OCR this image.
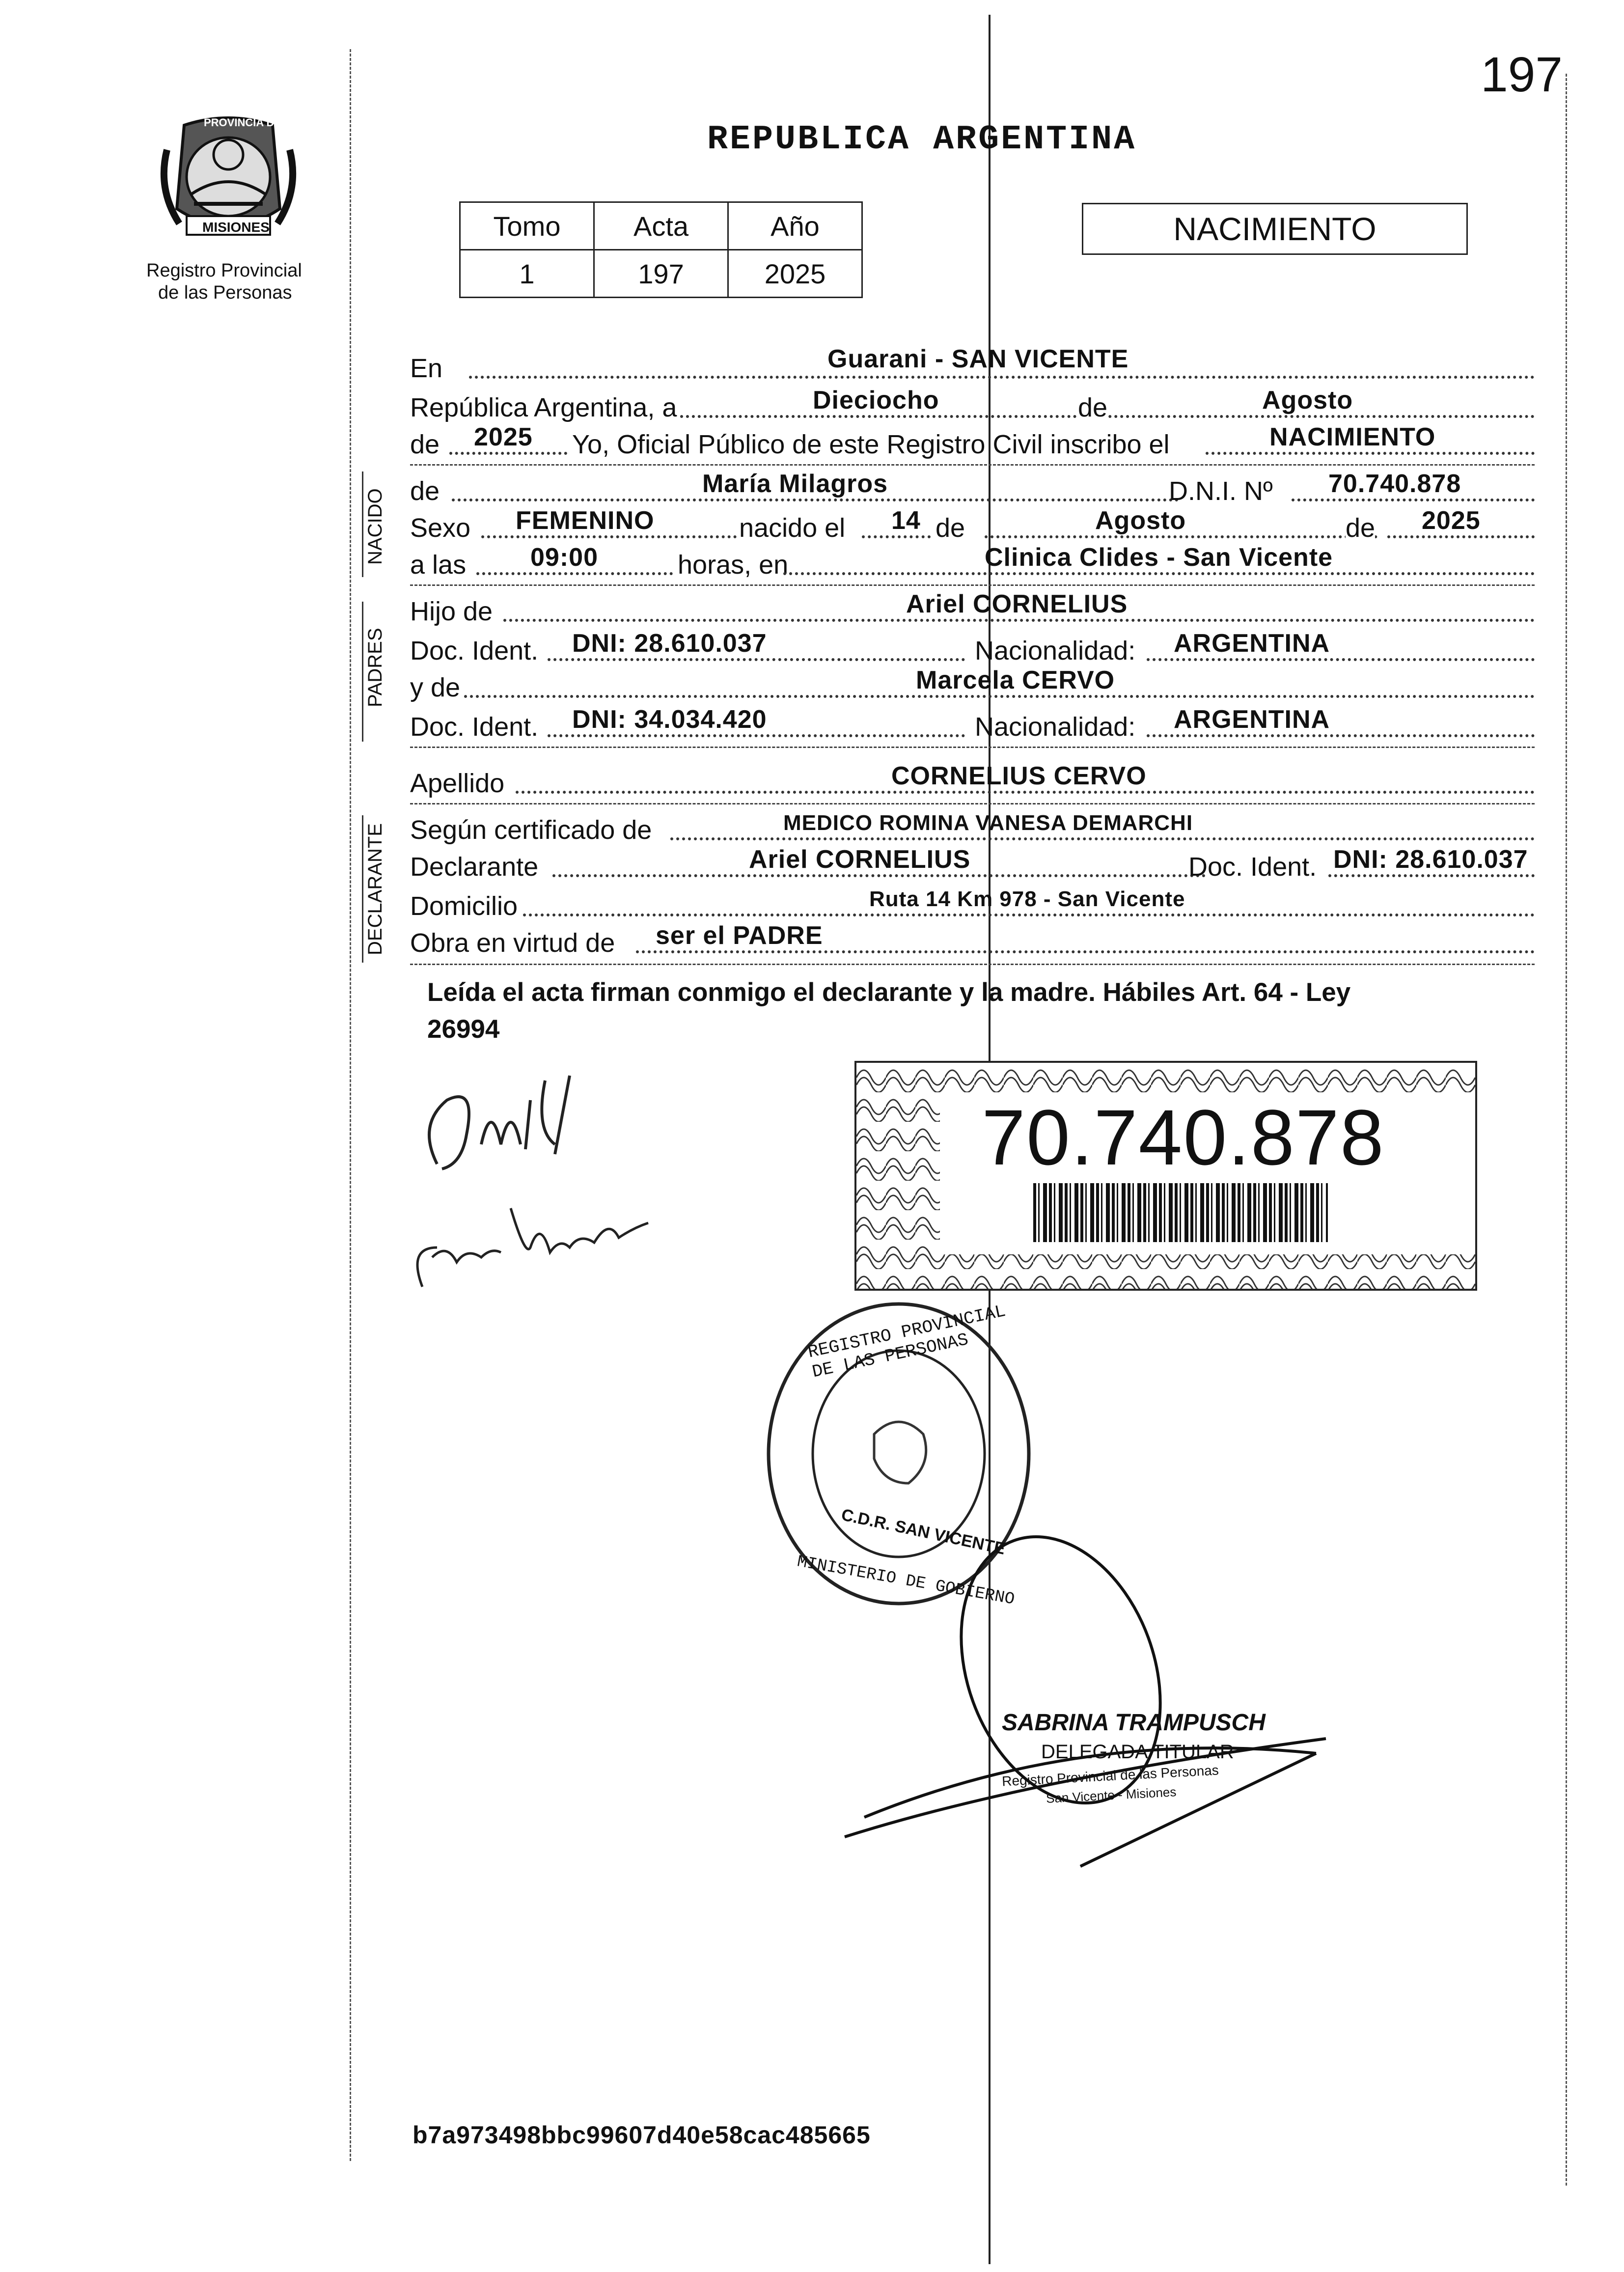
197
PROVINCIA DE
MISIONES
Registro Provincial
de las Personas
REPUBLICA ARGENTINA
Tomo	Acta	Año
1	197	2025
NACIMIENTO
En	Guarani - SAN VICENTE
República Argentina, a	Dieciocho	de	Agosto
de 2025 Yo, Oficial Público de este Registro Civil inscribo el	NACIMIENTO
NACIDO de	María Milagros	D.N.I. Nº 70.740.878
Sexo FEMENINO	nacido el 14 de	Agosto	de 2025
a las	09:00	horas, en	Clinica Clides - San Vicente
PADRES
Hijo de	Ariel CORNELIUS
Doc. Ident. DNI: 28.610.037	Nacionalidad: ARGENTINA
y de	Marcela CERVO
Doc. Ident. DNI: 34.034.420	Nacionalidad: ARGENTINA
Apellido	CORNELIUS CERVO
DECLARANTE Según certificado de	MEDICO ROMINA VANESA DEMARCHI
Declarante	Ariel CORNELIUS	Doc. Ident. DNI: 28.610.037
Domicilio	Ruta 14 Km 978 - San Vicente
Obra en virtud de ser el PADRE
Leída el acta firman conmigo el declarante y la madre. Hábiles Art. 64 - Ley
26994
70.740.878
REGISTRO PROVINCIAL DE LAS PERSONAS
C.D.R. SAN VICENTE
MINISTERIO DE GOBIERNO
SABRINA TRAMPUSCH
DELEGADA TITULAR
Registro Provincial de las Personas
San Vicente - Misiones
b7a973498bbc99607d40e58cac485665
